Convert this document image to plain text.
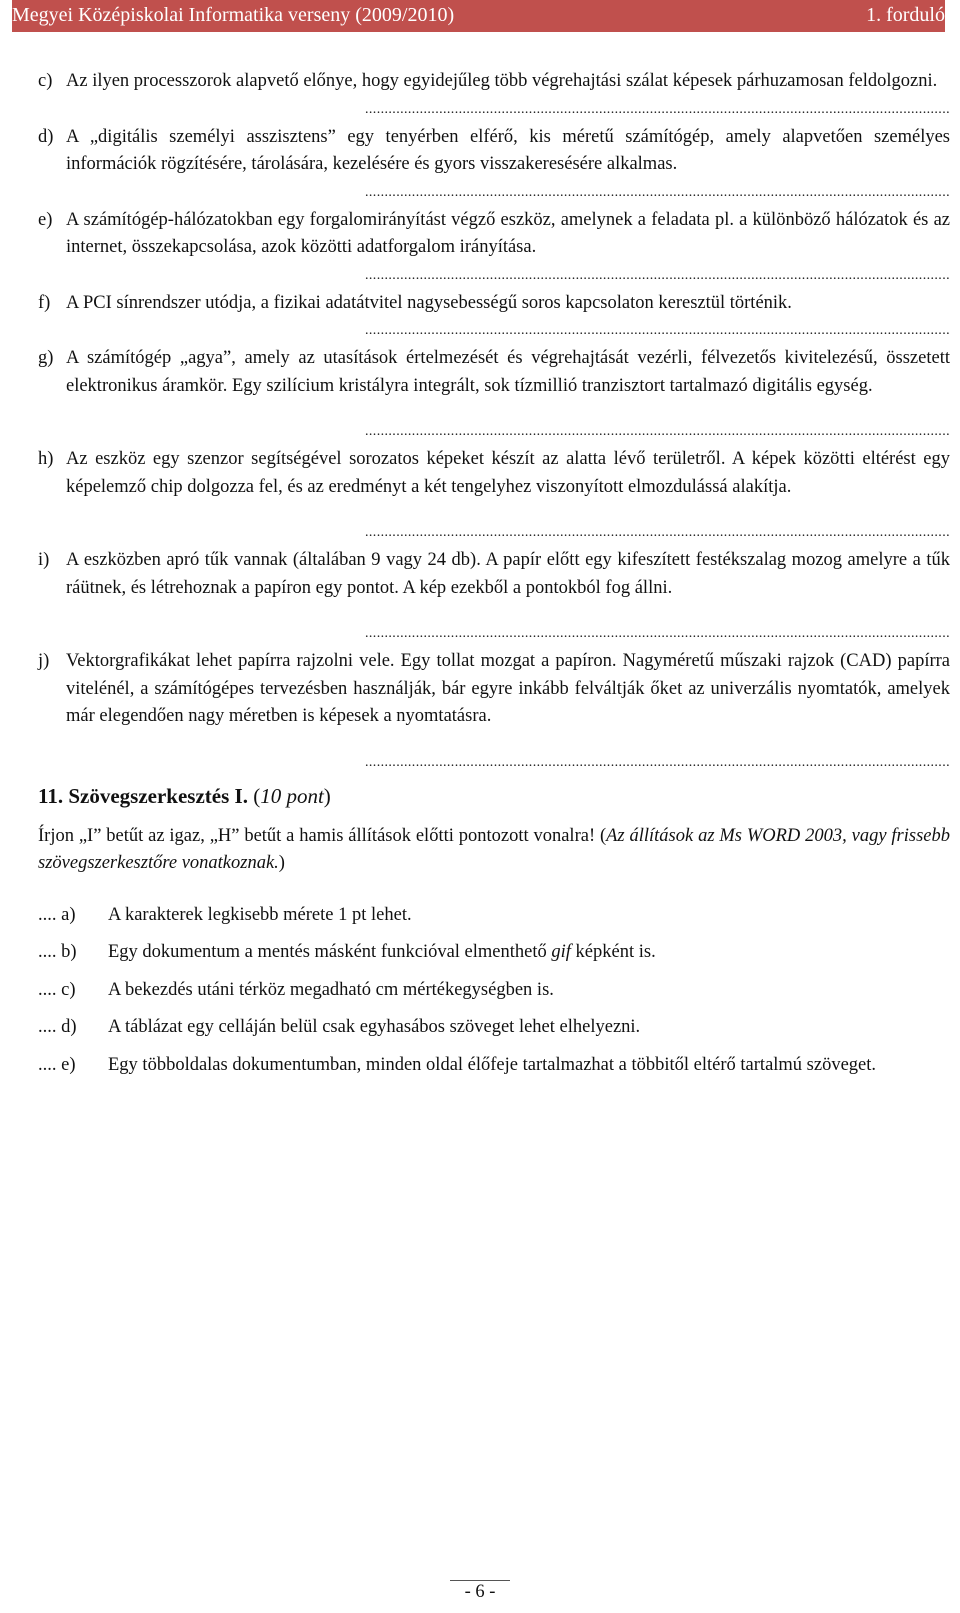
Megyei Középiskolai Informatika verseny (2009/2010)	1. forduló
c) Az ilyen processzorok alapvető előnye, hogy egyidejűleg több végrehajtási szálat képesek párhuzamosan feldolgozni.

......................................................................................................................................................
d) A „digitális személyi asszisztens” egy tenyérben elférő, kis méretű számítógép, amely alapvetően személyes információk rögzítésére, tárolására, kezelésére és gyors visszakeresésére alkalmas.

......................................................................................................................................................
e) A számítógép-hálózatokban egy forgalomirányítást végző eszköz, amelynek a feladata pl. a különböző hálózatok és az internet, összekapcsolása, azok közötti adatforgalom irányítása.

......................................................................................................................................................
f) A PCI sínrendszer utódja, a fizikai adatátvitel nagysebességű soros kapcsolaton keresztül történik.

......................................................................................................................................................
g) A számítógép „agya”, amely az utasítások értelmezését és végrehajtását vezérli, félvezetős kivitelezésű, összetett elektronikus áramkör. Egy szilícium kristályra integrált, sok tízmillió tranzisztort tartalmazó digitális egység.

......................................................................................................................................................
h) Az eszköz egy szenzor segítségével sorozatos képeket készít az alatta lévő területről. A képek közötti eltérést egy képelemző chip dolgozza fel, és az eredményt a két tengelyhez viszonyított elmozdulássá alakítja.

......................................................................................................................................................
i) A eszközben apró tűk vannak (általában 9 vagy 24 db). A papír előtt egy kifeszített festékszalag mozog amelyre a tűk ráütnek, és létrehoznak a papíron egy pontot. A kép ezekből a pontokból fog állni.

......................................................................................................................................................
j) Vektorgrafikákat lehet papírra rajzolni vele. Egy tollat mozgat a papíron. Nagyméretű műszaki rajzok (CAD) papírra vitelénél, a számítógépes tervezésben használják, bár egyre inkább felváltják őket az univerzális nyomtatók, amelyek már elegendően nagy méretben is képesek a nyomtatásra.

......................................................................................................................................................
11. Szövegszerkesztés I. (10 pont)
Írjon „I” betűt az igaz, „H” betűt a hamis állítások előtti pontozott vonalra! (Az állítások az Ms WORD 2003, vagy frissebb szövegszerkesztőre vonatkoznak.)
.... a) A karakterek legkisebb mérete 1 pt lehet.
.... b) Egy dokumentum a mentés másként funkcióval elmenthető gif képként is.
.... c) A bekezdés utáni térköz megadható cm mértékegységben is.
.... d) A táblázat egy celláján belül csak egyhasábos szöveget lehet elhelyezni.
.... e) Egy többoldalas dokumentumban, minden oldal élőfeje tartalmazhat a többitől eltérő tartalmú szöveget.
- 6 -
